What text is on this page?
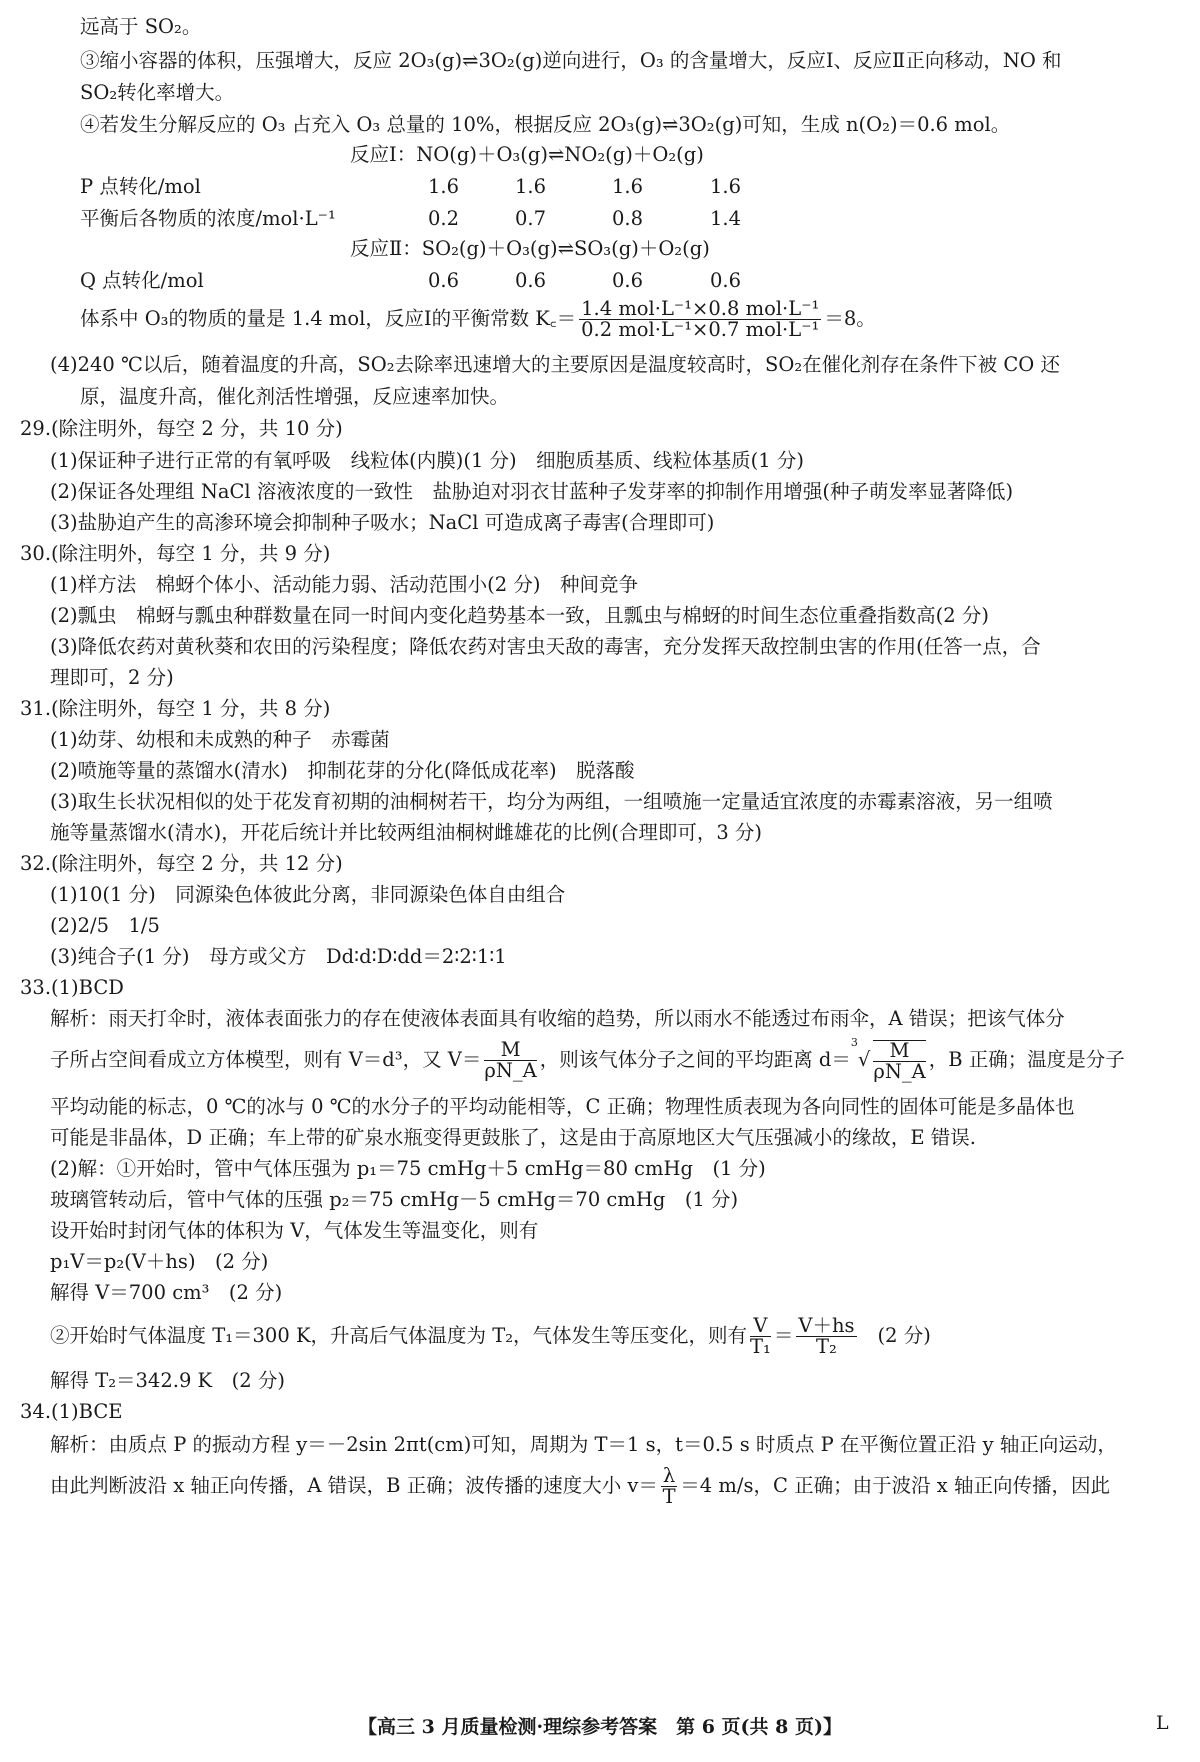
远高于 SO₂。
③缩小容器的体积，压强增大，反应 2O₃(g)⇌3O₂(g)逆向进行，O₃ 的含量增大，反应Ⅰ、反应Ⅱ正向移动，NO 和
SO₂转化率增大。
④若发生分解反应的 O₃ 占充入 O₃ 总量的 10%，根据反应 2O₃(g)⇌3O₂(g)可知，生成 n(O₂)＝0.6 mol。
反应Ⅰ：NO(g)＋O₃(g)⇌NO₂(g)＋O₂(g)
P 点转化/mol	1.6	1.6	1.6	1.6
平衡后各物质的浓度/mol·L⁻¹	0.2	0.7	0.8	1.4
反应Ⅱ：SO₂(g)＋O₃(g)⇌SO₃(g)＋O₂(g)
Q 点转化/mol	0.6	0.6	0.6	0.6
体系中 O₃的物质的量是 1.4 mol，反应Ⅰ的平衡常数 K꜀＝ $\frac{\text{1.4 mol·L⁻¹×0.8 mol·L⁻¹}}{\text{0.2 mol·L⁻¹×0.7 mol·L⁻¹}} =8$。
(4)240 ℃以后，随着温度的升高，SO₂去除率迅速增大的主要原因是温度较高时，SO₂在催化剂存在条件下被 CO 还
原，温度升高，催化剂活性增强，反应速率加快。
29.(除注明外，每空 2 分，共 10 分)
(1)保证种子进行正常的有氧呼吸　线粒体(内膜)(1 分)　细胞质基质、线粒体基质(1 分)
(2)保证各处理组 NaCl 溶液浓度的一致性　盐胁迫对羽衣甘蓝种子发芽率的抑制作用增强(种子萌发率显著降低)
(3)盐胁迫产生的高渗环境会抑制种子吸水；NaCl 可造成离子毒害(合理即可)
30.(除注明外，每空 1 分，共 9 分)
(1)样方法　棉蚜个体小、活动能力弱、活动范围小(2 分)　种间竞争
(2)瓢虫　棉蚜与瓢虫种群数量在同一时间内变化趋势基本一致，且瓢虫与棉蚜的时间生态位重叠指数高(2 分)
(3)降低农药对黄秋葵和农田的污染程度；降低农药对害虫天敌的毒害，充分发挥天敌控制虫害的作用(任答一点，合
理即可，2 分)
31.(除注明外，每空 1 分，共 8 分)
(1)幼芽、幼根和未成熟的种子　赤霉菌
(2)喷施等量的蒸馏水(清水)　抑制花芽的分化(降低成花率)　脱落酸
(3)取生长状况相似的处于花发育初期的油桐树若干，均分为两组，一组喷施一定量适宜浓度的赤霉素溶液，另一组喷
施等量蒸馏水(清水)，开花后统计并比较两组油桐树雌雄花的比例(合理即可，3 分)
32.(除注明外，每空 2 分，共 12 分)
(1)10(1 分)　同源染色体彼此分离，非同源染色体自由组合
(2)2/5　1/5
(3)纯合子(1 分)　母方或父方　Dd∶d∶D∶dd＝2∶2∶1∶1
33.(1)BCD
解析：雨天打伞时，液体表面张力的存在使液体表面具有收缩的趋势，所以雨水不能透过布雨伞，A 错误；把该气体分
子所占空间看成立方体模型，则有 V＝d³，又 $V= \frac{M}{\rho N\_A}$ ，则该气体分子之间的平均距离 $d=^3√ \frac{M}{\rho N\_A}$ ，B 正确；温度是分子
平均动能的标志，0 ℃的冰与 0 ℃的水分子的平均动能相等，C 正确；物理性质表现为各向同性的固体可能是多晶体也
可能是非晶体，D 正确；车上带的矿泉水瓶变得更鼓胀了，这是由于高原地区大气压强减小的缘故，E 错误.
(2)解：①开始时，管中气体压强为 p₁＝75 cmHg＋5 cmHg＝80 cmHg　(1 分)
玻璃管转动后，管中气体的压强 p₂＝75 cmHg－5 cmHg＝70 cmHg　(1 分)
设开始时封闭气体的体积为 V，气体发生等温变化，则有
p₁V＝p₂(V＋hs)　(2 分)
解得 V＝700 cm³　(2 分)
②开始时气体温度 T₁＝300 K，升高后气体温度为 T₂，气体发生等压变化，则有 $\frac{V}{\text{T₁}} = \frac{V+hs}{\text{T₂}} (2$ 分)
解得 T₂＝342.9 K　(2 分)
34.(1)BCE
解析：由质点 P 的振动方程 y＝－2sin 2πt(cm)可知，周期为 T＝1 s，t＝0.5 s 时质点 P 在平衡位置正沿 y 轴正向运动，
由此判断波沿 x 轴正向传播，A 错误，B 正确；波传播的速度大小 $v= \frac{\lambda}{T} =4$ m/s，C 正确；由于波沿 x 轴正向传播，因此
【高三 3 月质量检测·理综参考答案　第 6 页(共 8 页)】	L
